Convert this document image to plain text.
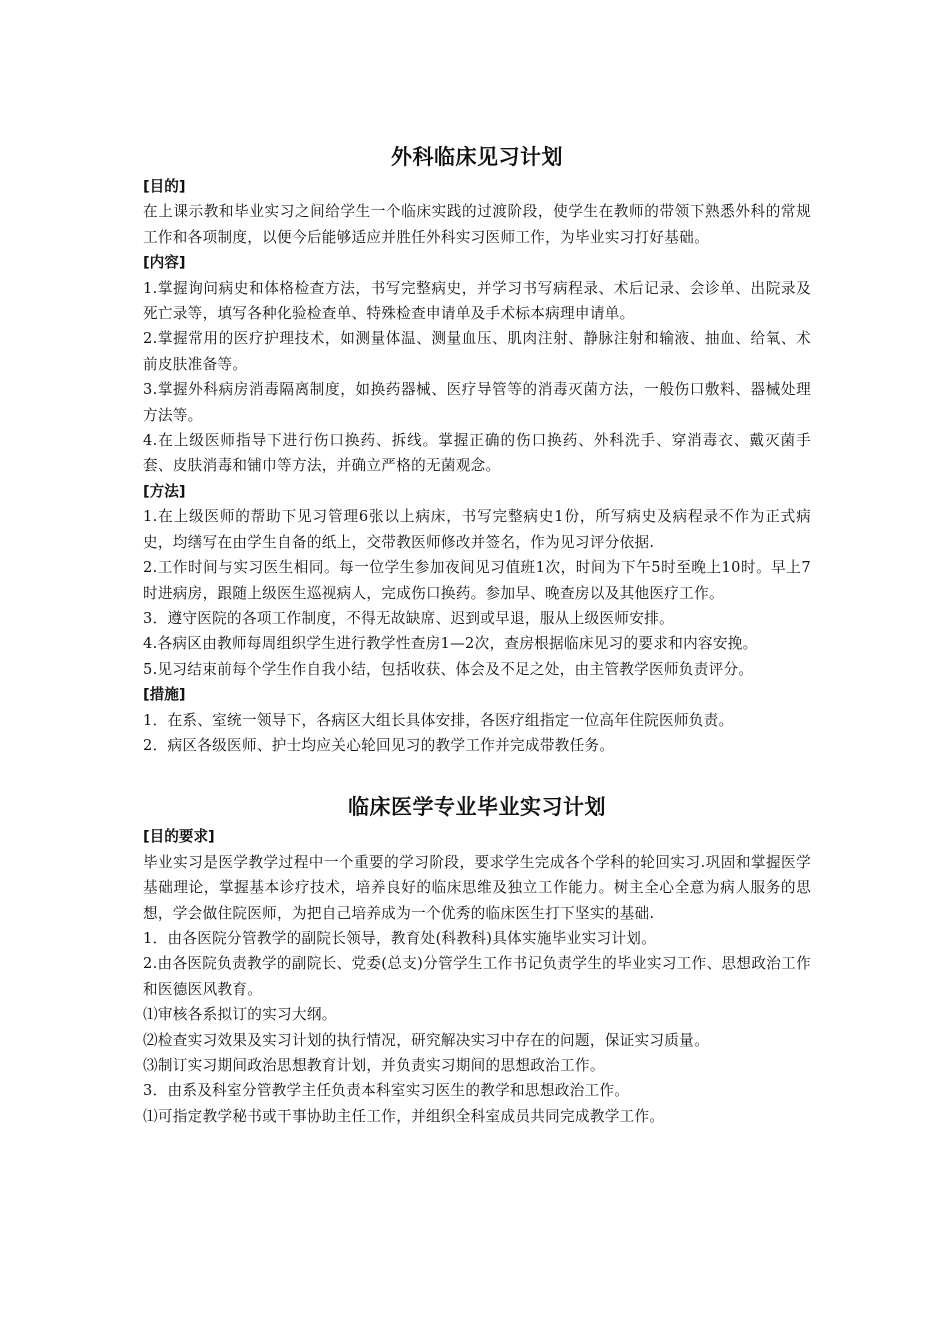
外科临床见习计划

[目的]

在上课示教和毕业实习之间给学生一个临床实践的过渡阶段，使学生在教师的带领下熟悉外科的常规工作和各项制度，以便今后能够适应并胜任外科实习医师工作，为毕业实习打好基础。

[内容]

1.掌握询问病史和体格检查方法，书写完整病史，并学习书写病程录、术后记录、会诊单、出院录及死亡录等，填写各种化验检查单、特殊检查申请单及手术标本病理申请单。

2.掌握常用的医疗护理技术，如测量体温、测量血压、肌肉注射、静脉注射和输液、抽血、给氧、术前皮肤准备等。

3.掌握外科病房消毒隔离制度，如换药器械、医疗导管等的消毒灭菌方法，一般伤口敷料、器械处理方法等。

4.在上级医师指导下进行伤口换药、拆线。掌握正确的伤口换药、外科洗手、穿消毒衣、戴灭菌手套、皮肤消毒和铺巾等方法，并确立严格的无菌观念。

[方法]

1.在上级医师的帮助下见习管理6张以上病床，书写完整病史1份，所写病史及病程录不作为正式病史，均缮写在由学生自备的纸上，交带教医师修改并签名，作为见习评分依据.

2.工作时间与实习医生相同。每一位学生参加夜间见习值班1次，时间为下午5时至晚上10时。早上7时进病房，跟随上级医生巡视病人，完成伤口换药。参加早、晚查房以及其他医疗工作。

3．遵守医院的各项工作制度，不得无故缺席、迟到或早退，服从上级医师安排。

4.各病区由教师每周组织学生进行教学性查房1—2次，查房根据临床见习的要求和内容安挽。

5.见习结束前每个学生作自我小结，包括收获、体会及不足之处，由主管教学医师负责评分。

[措施]

1．在系、室统一领导下，各病区大组长具体安排，各医疗组指定一位高年住院医师负责。

2．病区各级医师、护士均应关心轮回见习的教学工作并完成带教任务。

临床医学专业毕业实习计划

[目的要求]

毕业实习是医学教学过程中一个重要的学习阶段，要求学生完成各个学科的轮回实习.巩固和掌握医学基础理论，掌握基本诊疗技术，培养良好的临床思维及独立工作能力。树主全心全意为病人服务的思想，学会做住院医师，为把自己培养成为一个优秀的临床医生打下坚实的基础.

1．由各医院分管教学的副院长领导，教育处(科教科)具体实施毕业实习计划。

2.由各医院负责教学的副院长、党委(总支)分管学生工作书记负责学生的毕业实习工作、思想政治工作和医德医风教育。

⑴审核各系拟订的实习大纲。

⑵检查实习效果及实习计划的执行情况，研究解决实习中存在的问题，保证实习质量。

⑶制订实习期间政治思想教育计划，并负责实习期间的思想政治工作。

3．由系及科室分管教学主任负责本科室实习医生的教学和思想政治工作。

⑴可指定教学秘书或干事协助主任工作，并组织全科室成员共同完成教学工作。
